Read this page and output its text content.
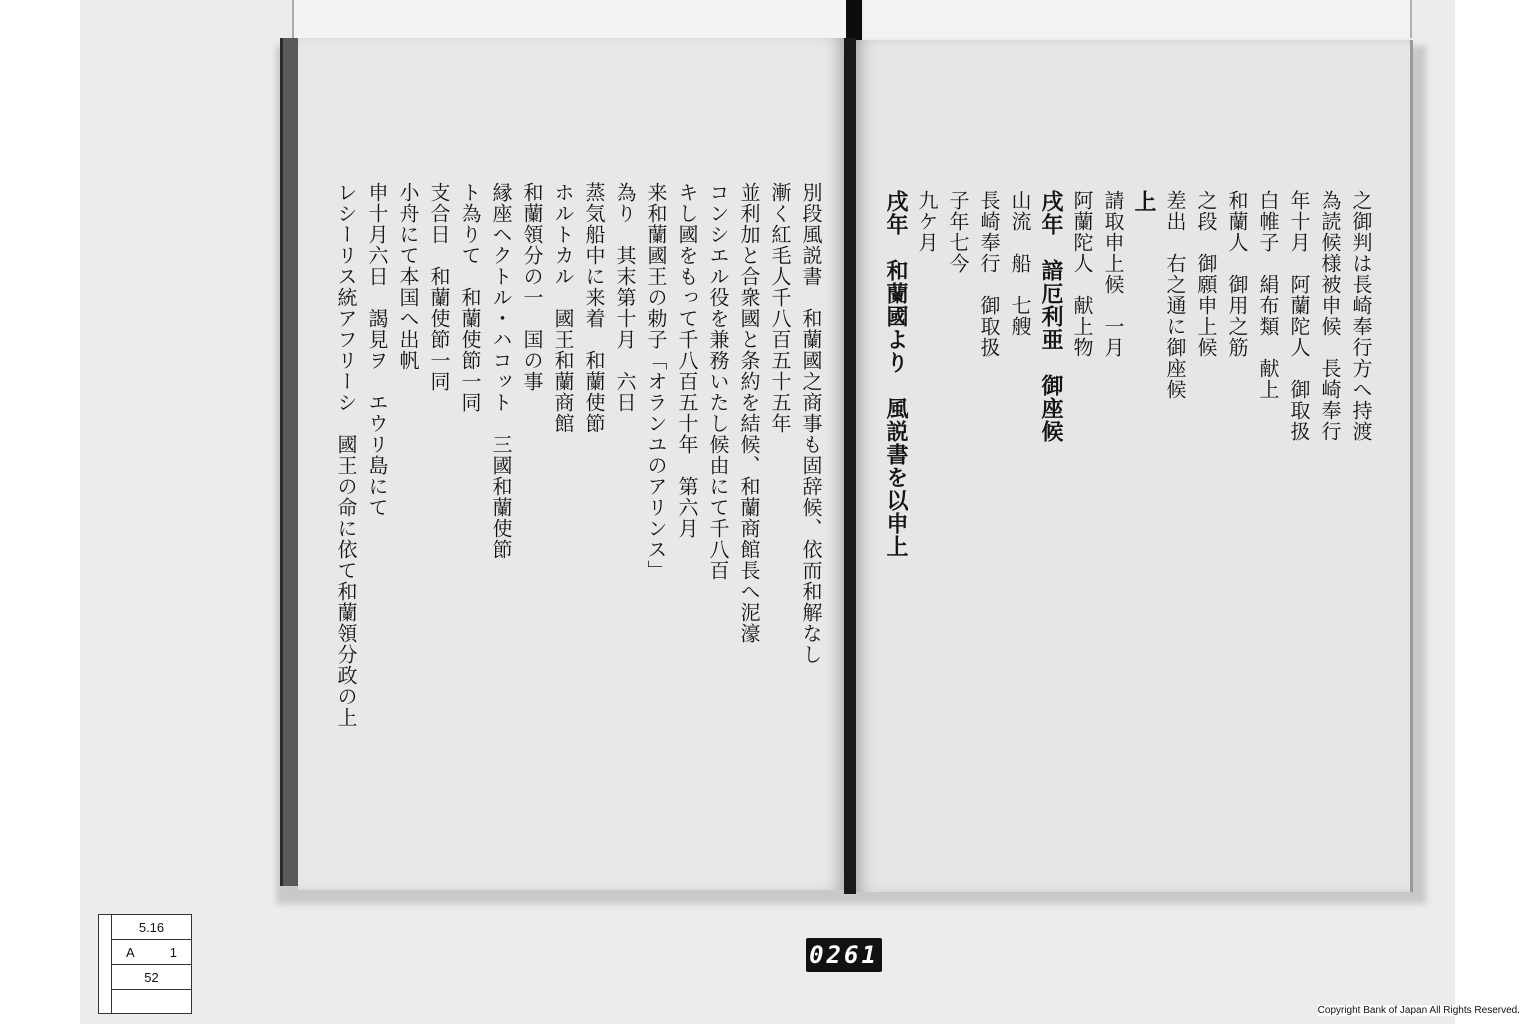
別段風説書　和蘭國之商事も固辞候、依而和解なし
漸く紅毛人千八百五十五年
並利加と合衆國と条約を結候、和蘭商館長へ泥濠
コンシエル役を兼務いたし候由にて千八百
キし國をもって千八百五十年　第六月
来和蘭國王の勅子「オランユのアリンス」
為り　其末第十月　六日
蒸気船中に来着　和蘭使節
ホルトカル　國王和蘭商館
和蘭領分の一　国の事
縁座ヘクトル・ハコット　三國和蘭使節
ト為りて　和蘭使節一同　
支合日　和蘭使節一同
小舟にて本国へ出帆
申十月六日　謁見ヲ　エウリ島にて
レシーリス統アフリーシ　國王の命に依て和蘭領分政の上	之御判は長崎奉行方へ持渡
為読候様被申候　長崎奉行
年十月　阿蘭陀人　御取扱
白帷子　絹布類　献上
和蘭人　御用之筋
之段　御願申上候
差出　右之通に御座候
上
請取申上候　一月
阿蘭陀人　献上物
戌年　諳厄利亜　御座候
山流　船　七艘
長崎奉行　御取扱
子年七今
九ケ月
戌年　和蘭國より　風説書を以申上
5.16
A	1
52
0261
Copyright Bank of Japan All Rights Reserved.
